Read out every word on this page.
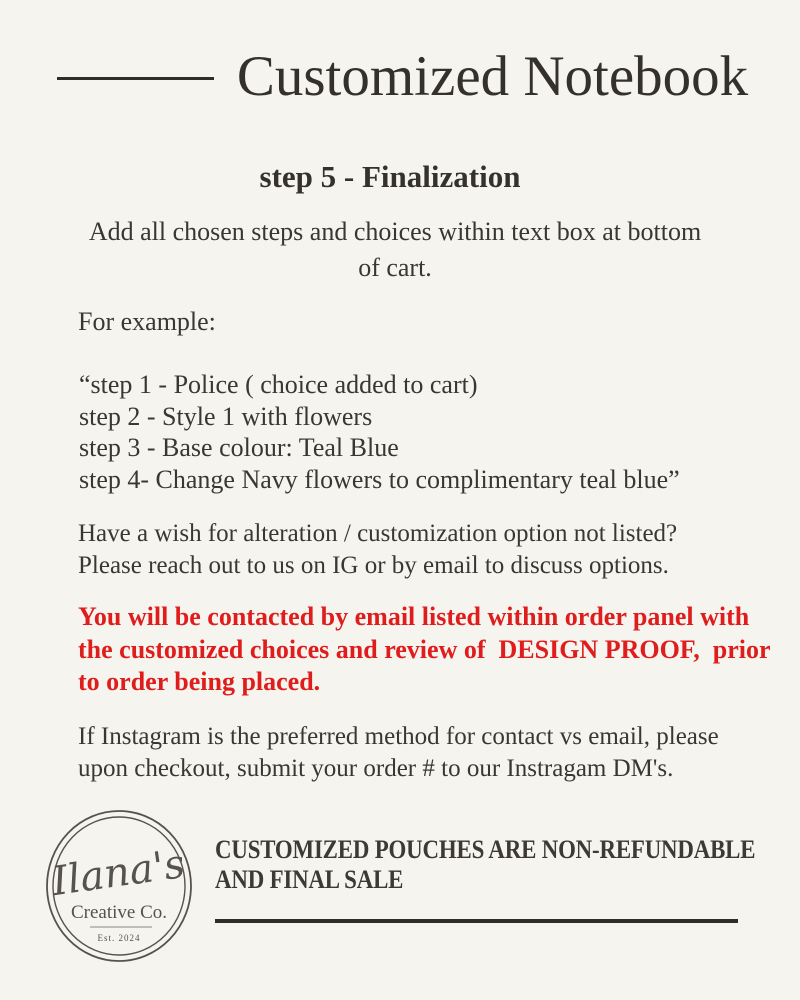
Customized Notebook
step 5 - Finalization
Add all chosen steps and choices within text box at bottom
of cart.
For example:
“step 1 - Police ( choice added to cart)
step 2 - Style 1 with flowers
step 3 - Base colour: Teal Blue
step 4- Change Navy flowers to complimentary teal blue”
Have a wish for alteration / customization option not listed?
Please reach out to us on IG or by email to discuss options.
You will be contacted by email listed within order panel with
the customized choices and review of  DESIGN PROOF,  prior
to order being placed.
If Instagram is the preferred method for contact vs email, please
upon checkout, submit your order # to our Instragam DM's.
Ilana's
Creative Co.
Est. 2024
CUSTOMIZED POUCHES ARE NON-REFUNDABLE
AND FINAL SALE
